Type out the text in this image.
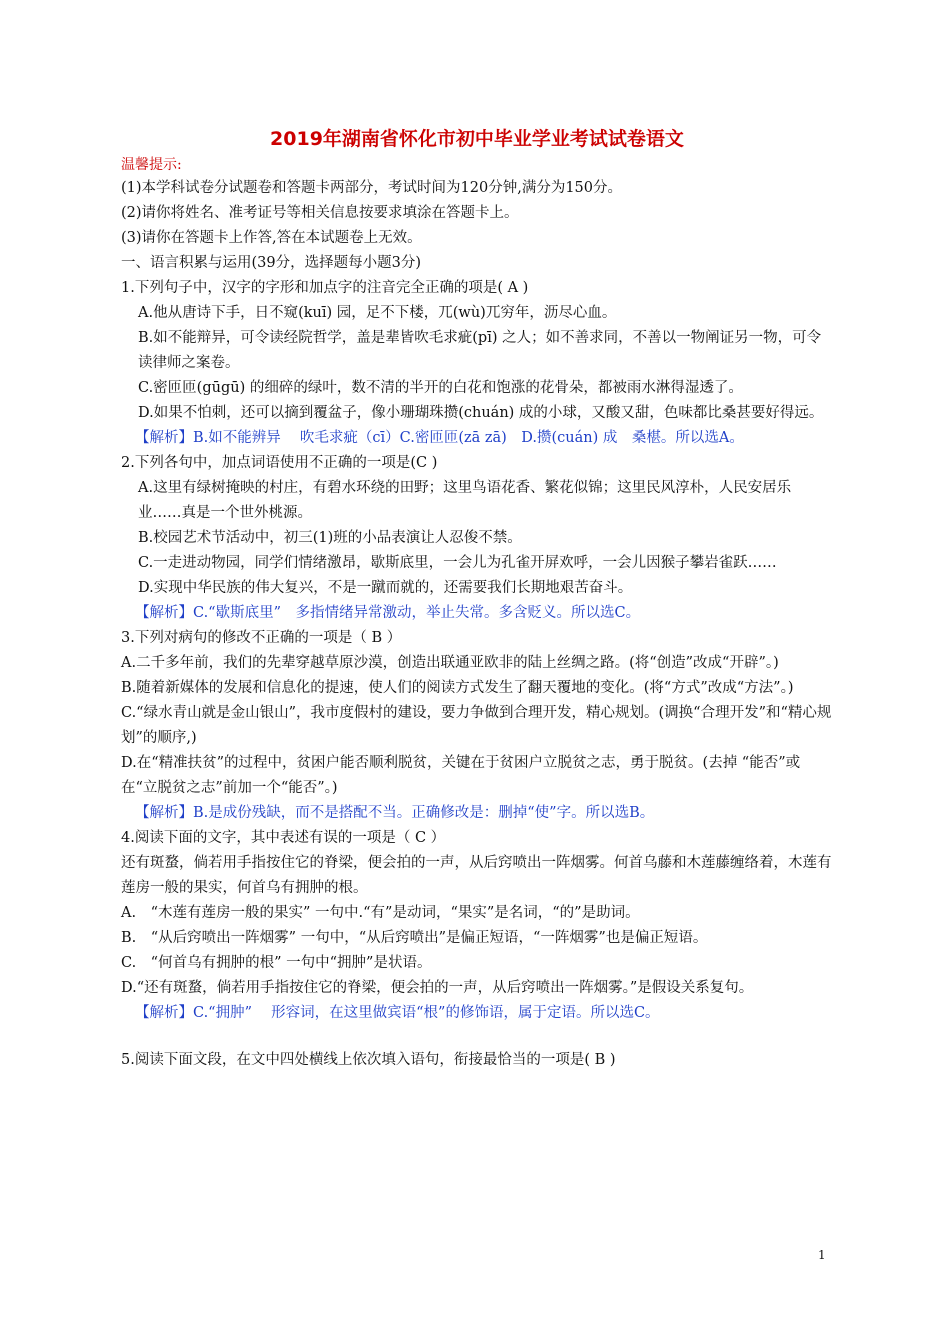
2019年湖南省怀化市初中毕业学业考试试卷语文
温馨提示:

(1)本学科试卷分试题卷和答题卡两部分，考试时间为120分钟,满分为150分。

(2)请你将姓名、准考证号等相关信息按要求填涂在答题卡上。

(3)请你在答题卡上作答,答在本试题卷上无效。

一、语言积累与运用(39分，选择题每小题3分)

1.下列句子中，汉字的字形和加点字的注音完全正确的项是( A )

A.他从唐诗下手，日不窥(kuī) 园，足不下楼，兀(wù)兀穷年，沥尽心血。

B.如不能辩异，可令读经院哲学，盖是辈皆吹毛求疵(pī) 之人；如不善求同，不善以一物阐证另一物，可令读律师之案卷。

C.密匝匝(gūgū) 的细碎的绿叶，数不清的半开的白花和饱涨的花骨朵，都被雨水淋得湿透了。

D.如果不怕刺，还可以摘到覆盆子，像小珊瑚珠攒(chuán) 成的小球，又酸又甜，色味都比桑甚要好得远。

【解析】B.如不能辨异　 吹毛求疵（cī）C.密匝匝(zā zā)　D.攒(cuán) 成　桑椹。所以选A。

2.下列各句中，加点词语使用不正确的一项是(C )

A.这里有绿树掩映的村庄，有碧水环绕的田野；这里鸟语花香、繁花似锦；这里民风淳朴，人民安居乐业……真是一个世外桃源。

B.校园艺术节活动中，初三(1)班的小品表演让人忍俊不禁。

C.一走进动物园，同学们情绪激昂，歇斯底里，一会儿为孔雀开屏欢呼，一会儿因猴子攀岩雀跃……

D.实现中华民族的伟大复兴，不是一蹴而就的，还需要我们长期地艰苦奋斗。

【解析】C.“歇斯底里”　多指情绪异常激动，举止失常。多含贬义。所以选C。

3.下列对病句的修改不正确的一项是（ B ）

A.二千多年前，我们的先辈穿越草原沙漠，创造出联通亚欧非的陆上丝绸之路。(将“创造”改成“开辟”。)

B.随着新媒体的发展和信息化的提速，使人们的阅读方式发生了翻天覆地的变化。(将“方式”改成“方法”。)

C.“绿水青山就是金山银山”，我市度假村的建设，要力争做到合理开发，精心规划。(调换“合理开发”和“精心规划”的顺序,)

D.在“精准扶贫”的过程中，贫困户能否顺利脱贫，关键在于贫困户立脱贫之志，勇于脱贫。(去掉 “能否”或在“立脱贫之志”前加一个“能否”。)

【解析】B.是成份残缺，而不是搭配不当。正确修改是：删掉“使”字。所以选B。

4.阅读下面的文字，其中表述有误的一项是（ C ）

还有斑蝥，倘若用手指按住它的脊梁，便会拍的一声，从后窍喷出一阵烟雾。何首乌藤和木莲藤缠络着，木莲有莲房一般的果实，何首乌有拥肿的根。

A.　“木莲有莲房一般的果实” 一句中.“有”是动词，“果实”是名词，“的”是助词。

B.　“从后窍喷出一阵烟雾” 一句中，“从后窍喷出”是偏正短语，“一阵烟雾”也是偏正短语。

C.　“何首乌有拥肿的根” 一句中“拥肿”是状语。

D.“还有斑蝥，倘若用手指按住它的脊梁，便会拍的一声，从后窍喷出一阵烟雾。”是假设关系复句。

【解析】C.“拥肿”　 形容词，在这里做宾语“根”的修饰语，属于定语。所以选C。

5.阅读下面文段，在文中四处横线上依次填入语句，衔接最恰当的一项是( B )

1
